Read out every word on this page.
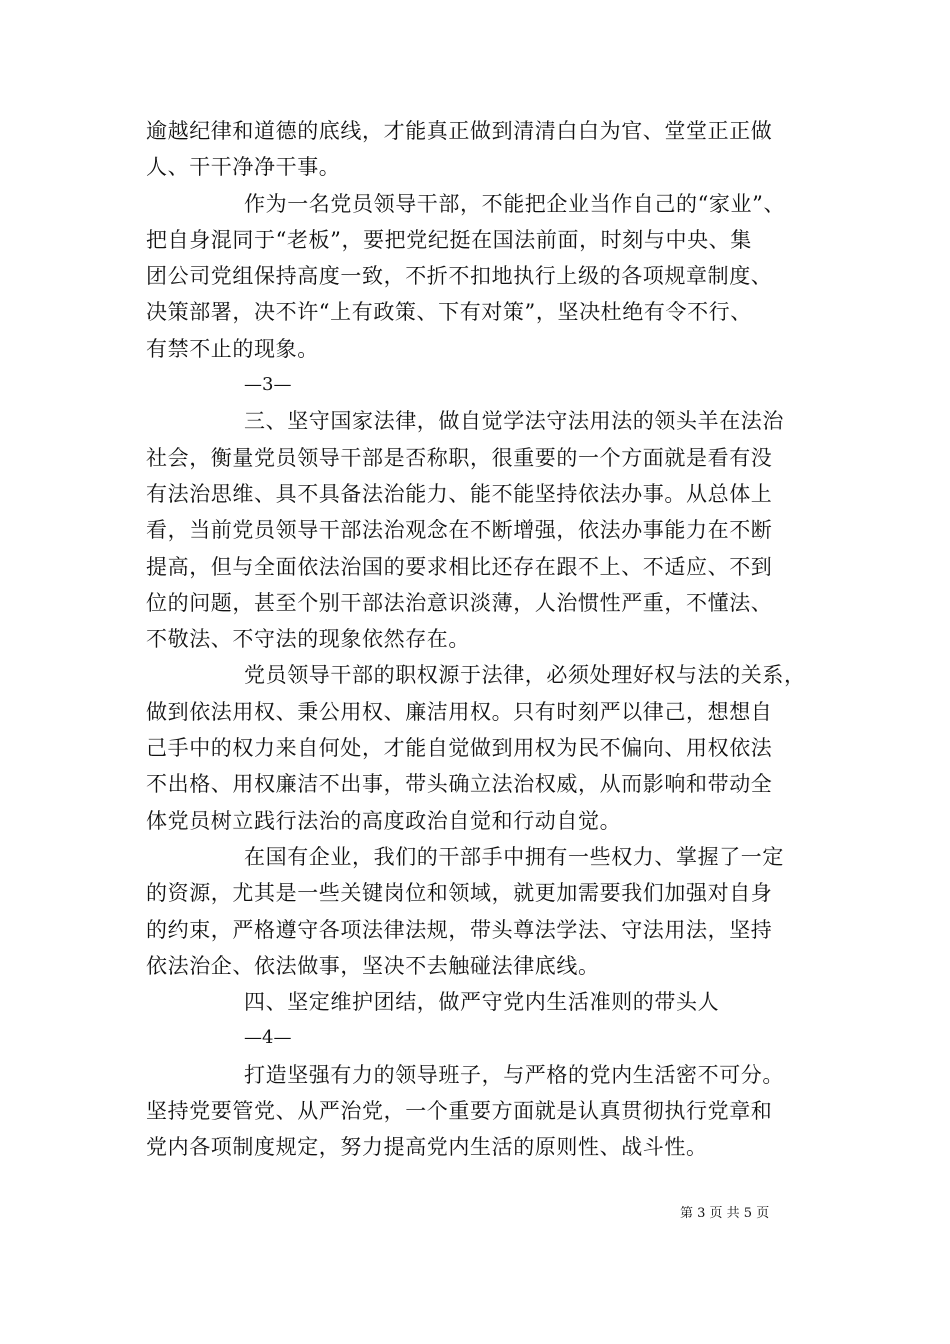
逾越纪律和道德的底线，才能真正做到清清白白为官、堂堂正正做
人、干干净净干事。
作为一名党员领导干部，不能把企业当作自己的“家业”、
把自身混同于“老板”，要把党纪挺在国法前面，时刻与中央、集
团公司党组保持高度一致，不折不扣地执行上级的各项规章制度、
决策部署，决不许“上有政策、下有对策”，坚决杜绝有令不行、
有禁不止的现象。
—3—
三、坚守国家法律，做自觉学法守法用法的领头羊在法治
社会，衡量党员领导干部是否称职，很重要的一个方面就是看有没
有法治思维、具不具备法治能力、能不能坚持依法办事。从总体上
看，当前党员领导干部法治观念在不断增强，依法办事能力在不断
提高，但与全面依法治国的要求相比还存在跟不上、不适应、不到
位的问题，甚至个别干部法治意识淡薄，人治惯性严重，不懂法、
不敬法、不守法的现象依然存在。
党员领导干部的职权源于法律，必须处理好权与法的关系，
做到依法用权、秉公用权、廉洁用权。只有时刻严以律己，想想自
己手中的权力来自何处，才能自觉做到用权为民不偏向、用权依法
不出格、用权廉洁不出事，带头确立法治权威，从而影响和带动全
体党员树立践行法治的高度政治自觉和行动自觉。
在国有企业，我们的干部手中拥有一些权力、掌握了一定
的资源，尤其是一些关键岗位和领域，就更加需要我们加强对自身
的约束，严格遵守各项法律法规，带头尊法学法、守法用法，坚持
依法治企、依法做事，坚决不去触碰法律底线。
四、坚定维护团结，做严守党内生活准则的带头人
—4—
打造坚强有力的领导班子，与严格的党内生活密不可分。
坚持党要管党、从严治党，一个重要方面就是认真贯彻执行党章和
党内各项制度规定，努力提高党内生活的原则性、战斗性。
第 3 页 共 5 页
